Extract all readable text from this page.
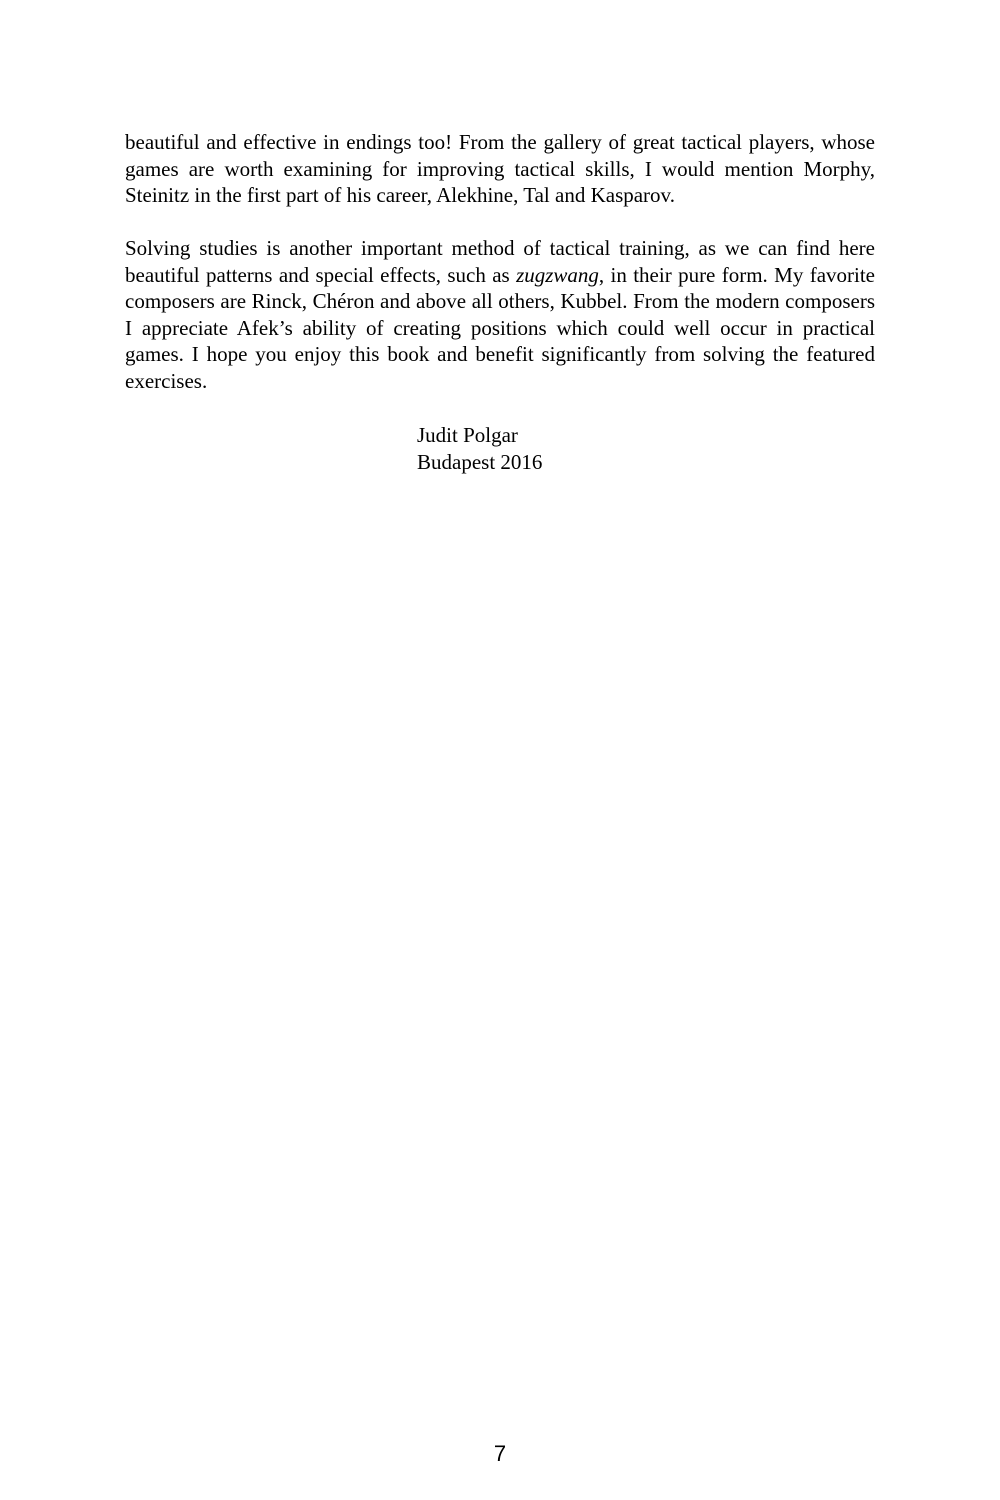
beautiful and effective in endings too! From the gallery of great tactical players, whose games are worth examining for improving tactical skills, I would mention Morphy, Steinitz in the first part of his career, Alekhine, Tal and Kasparov.

Solving studies is another important method of tactical training, as we can find here beautiful patterns and special effects, such as zugzwang, in their pure form. My favorite composers are Rinck, Chéron and above all others, Kubbel. From the modern composers I appreciate Afek’s ability of creating positions which could well occur in practical games. I hope you enjoy this book and benefit significantly from solving the featured exercises.

Judit Polgar
Budapest 2016
7
